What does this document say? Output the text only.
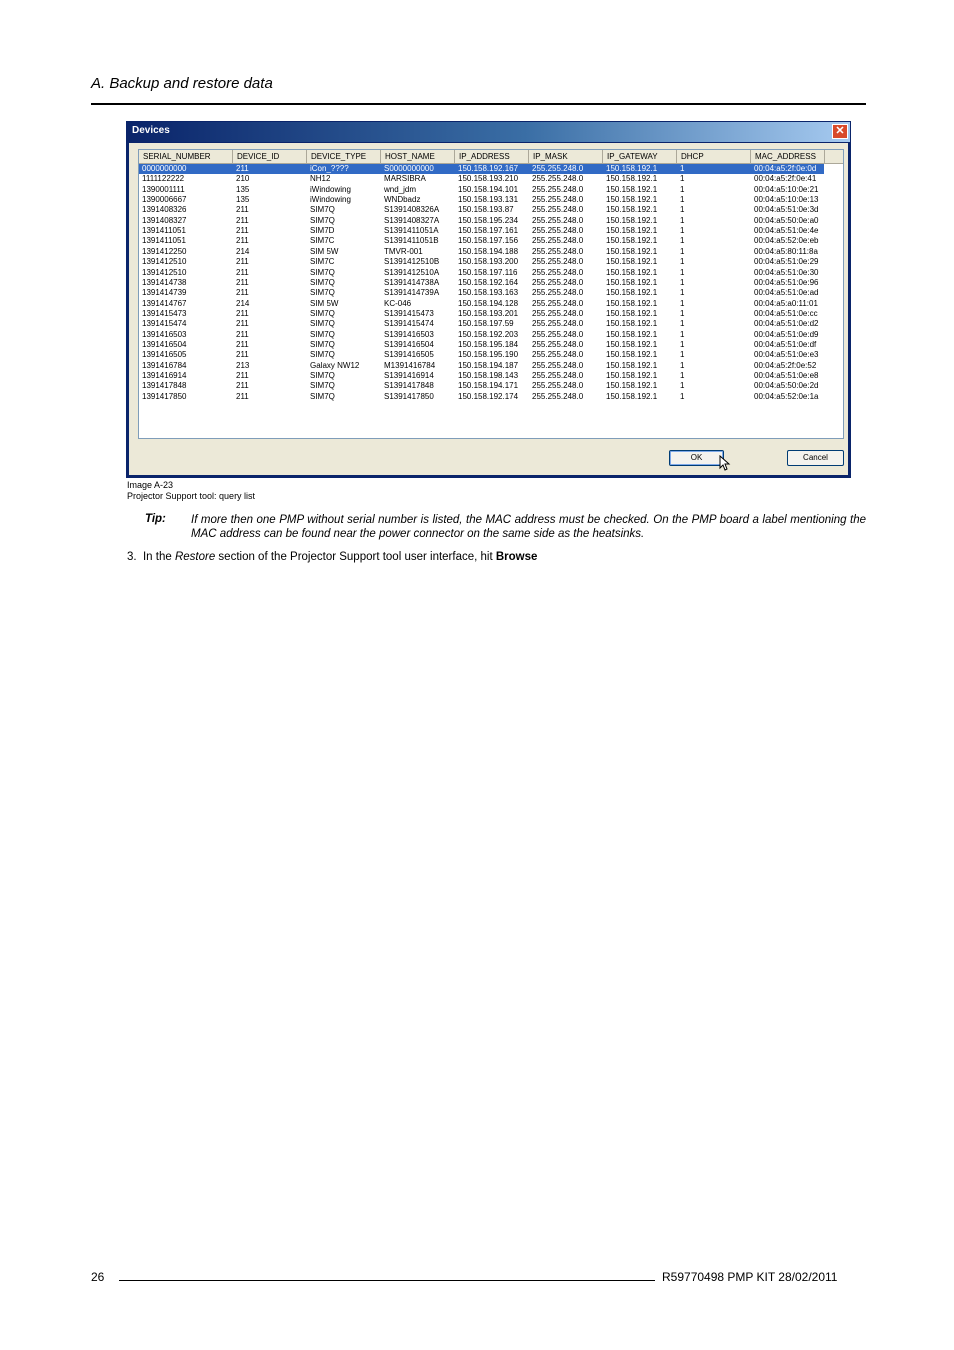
A. Backup and restore data
Devices	✕
SERIAL_NUMBER	DEVICE_ID	DEVICE_TYPE	HOST_NAME	IP_ADDRESS	IP_MASK	IP_GATEWAY	DHCP	MAC_ADDRESS
0000000000	211	iCon_????	S0000000000	150.158.192.167	255.255.248.0	150.158.192.1	1	00:04:a5:2f:0e:0d
1111122222	210	NH12	MARSIBRA	150.158.193.210	255.255.248.0	150.158.192.1	1	00:04:a5:2f:0e:41
1390001111	135	iWindowing	wnd_jdm	150.158.194.101	255.255.248.0	150.158.192.1	1	00:04:a5:10:0e:21
1390006667	135	iWindowing	WNDbadz	150.158.193.131	255.255.248.0	150.158.192.1	1	00:04:a5:10:0e:13
1391408326	211	SIM7Q	S1391408326A	150.158.193.87	255.255.248.0	150.158.192.1	1	00:04:a5:51:0e:3d
1391408327	211	SIM7Q	S1391408327A	150.158.195.234	255.255.248.0	150.158.192.1	1	00:04:a5:50:0e:a0
1391411051	211	SIM7D	S1391411051A	150.158.197.161	255.255.248.0	150.158.192.1	1	00:04:a5:51:0e:4e
1391411051	211	SIM7C	S1391411051B	150.158.197.156	255.255.248.0	150.158.192.1	1	00:04:a5:52:0e:eb
1391412250	214	SIM 5W	TMVR-001	150.158.194.188	255.255.248.0	150.158.192.1	1	00:04:a5:80:11:8a
1391412510	211	SIM7C	S1391412510B	150.158.193.200	255.255.248.0	150.158.192.1	1	00:04:a5:51:0e:29
1391412510	211	SIM7Q	S1391412510A	150.158.197.116	255.255.248.0	150.158.192.1	1	00:04:a5:51:0e:30
1391414738	211	SIM7Q	S1391414738A	150.158.192.164	255.255.248.0	150.158.192.1	1	00:04:a5:51:0e:96
1391414739	211	SIM7Q	S1391414739A	150.158.193.163	255.255.248.0	150.158.192.1	1	00:04:a5:51:0e:ad
1391414767	214	SIM 5W	KC-046	150.158.194.128	255.255.248.0	150.158.192.1	1	00:04:a5:a0:11:01
1391415473	211	SIM7Q	S1391415473	150.158.193.201	255.255.248.0	150.158.192.1	1	00:04:a5:51:0e:cc
1391415474	211	SIM7Q	S1391415474	150.158.197.59	255.255.248.0	150.158.192.1	1	00:04:a5:51:0e:d2
1391416503	211	SIM7Q	S1391416503	150.158.192.203	255.255.248.0	150.158.192.1	1	00:04:a5:51:0e:d9
1391416504	211	SIM7Q	S1391416504	150.158.195.184	255.255.248.0	150.158.192.1	1	00:04:a5:51:0e:df
1391416505	211	SIM7Q	S1391416505	150.158.195.190	255.255.248.0	150.158.192.1	1	00:04:a5:51:0e:e3
1391416784	213	Galaxy NW12	M1391416784	150.158.194.187	255.255.248.0	150.158.192.1	1	00:04:a5:2f:0e:52
1391416914	211	SIM7Q	S1391416914	150.158.198.143	255.255.248.0	150.158.192.1	1	00:04:a5:51:0e:e8
1391417848	211	SIM7Q	S1391417848	150.158.194.171	255.255.248.0	150.158.192.1	1	00:04:a5:50:0e:2d
1391417850	211	SIM7Q	S1391417850	150.158.192.174	255.255.248.0	150.158.192.1	1	00:04:a5:52:0e:1a
OK	Cancel
Image A-23
Projector Support tool: query list
Tip: If more then one PMP without serial number is listed, the MAC address must be checked. On the PMP board a label mentioning the MAC address can be found near the power connector on the same side as the heatsinks.
3. In the Restore section of the Projector Support tool user interface, hit Browse
26	R59770498 PMP KIT 28/02/2011
